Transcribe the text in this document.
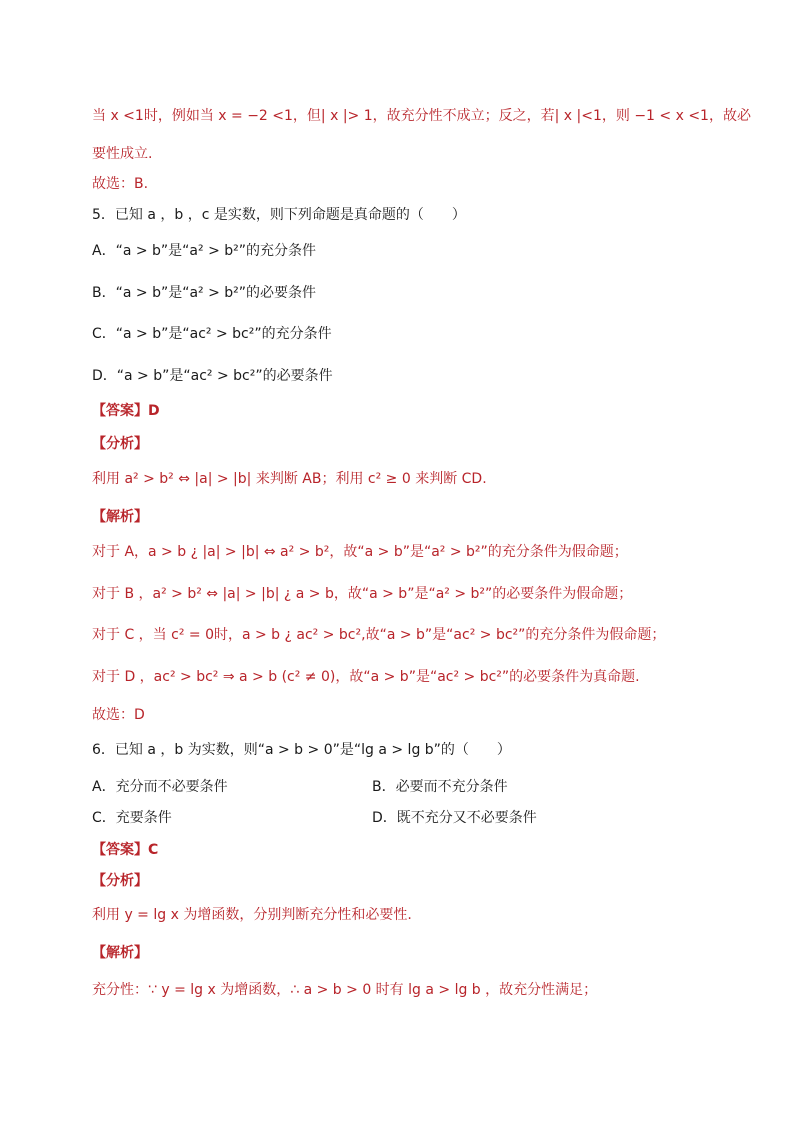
当 x <1时，例如当 x = −2 <1，但| x |> 1，故充分性不成立；反之，若| x |<1，则 −1 < x <1，故必
要性成立.
故选：B.
5．已知 a ，b ，c 是实数，则下列命题是真命题的（　　）
A．“a > b”是“a² > b²”的充分条件
B．“a > b”是“a² > b²”的必要条件
C．“a > b”是“ac² > bc²”的充分条件
D．“a > b”是“ac² > bc²”的必要条件
【答案】D
【分析】
利用 a² > b² ⇔ |a| > |b| 来判断 AB；利用 c² ≥ 0 来判断 CD.
【解析】
对于 A，a > b ¿ |a| > |b| ⇔ a² > b²，故“a > b”是“a² > b²”的充分条件为假命题；
对于 B ，a² > b² ⇔ |a| > |b| ¿ a > b，故“a > b”是“a² > b²”的必要条件为假命题；
对于 C ，当 c² = 0时，a > b ¿ ac² > bc²,故“a > b”是“ac² > bc²”的充分条件为假命题；
对于 D ，ac² > bc² ⇒ a > b (c² ≠ 0)，故“a > b”是“ac² > bc²”的必要条件为真命题.
故选：D
6．已知 a ，b 为实数，则“a > b > 0”是“lg a > lg b”的（　　）
A．充分而不必要条件	B．必要而不充分条件
C．充要条件	D．既不充分又不必要条件
【答案】C
【分析】
利用 y = lg x 为增函数，分别判断充分性和必要性.
【解析】
充分性：∵ y = lg x 为增函数，∴ a > b > 0 时有 lg a > lg b ，故充分性满足；
